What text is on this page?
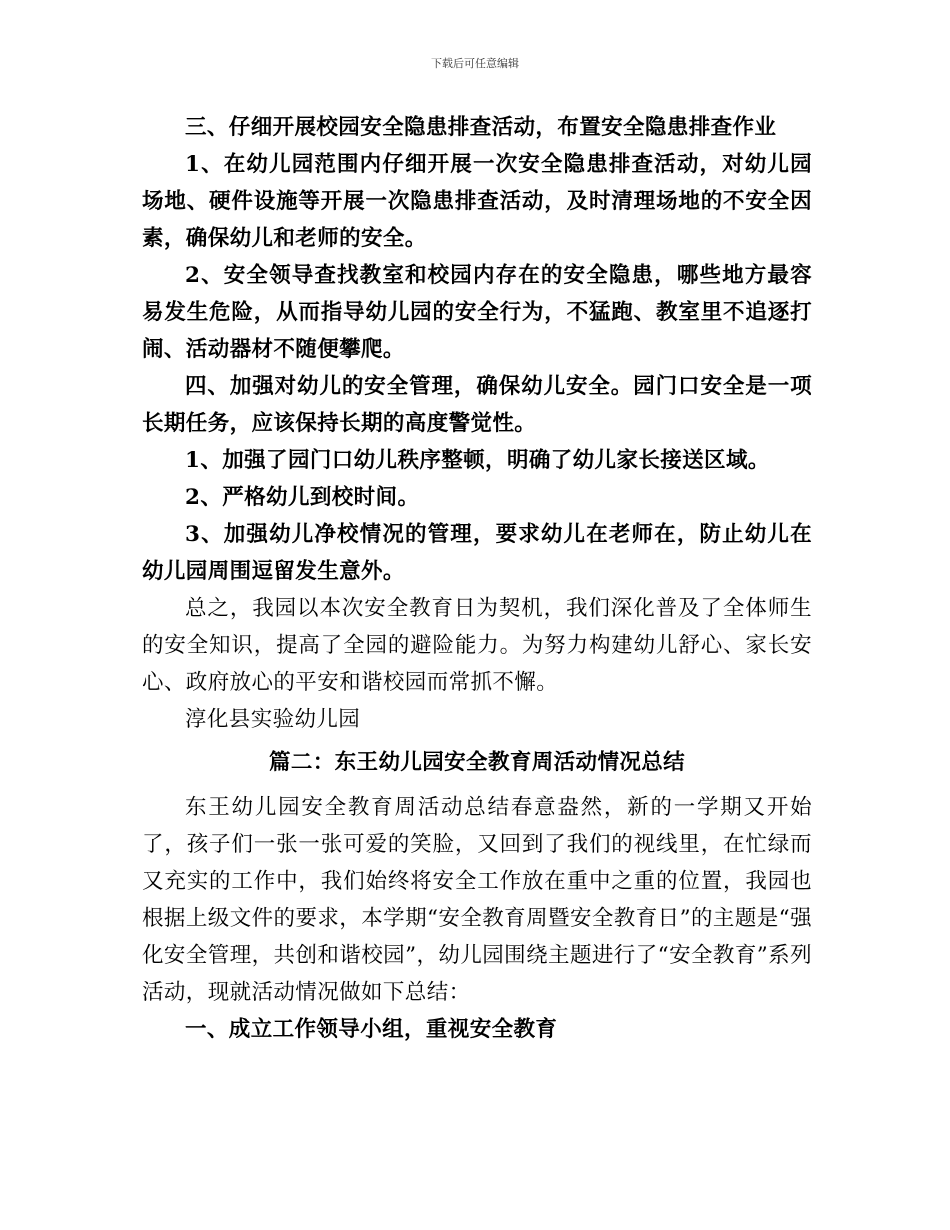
下载后可任意编辑

三、仔细开展校园安全隐患排查活动，布置安全隐患排查作业

1、在幼儿园范围内仔细开展一次安全隐患排查活动，对幼儿园场地、硬件设施等开展一次隐患排查活动，及时清理场地的不安全因素，确保幼儿和老师的安全。

2、安全领导查找教室和校园内存在的安全隐患，哪些地方最容易发生危险，从而指导幼儿园的安全行为，不猛跑、教室里不追逐打闹、活动器材不随便攀爬。

四、加强对幼儿的安全管理，确保幼儿安全。园门口安全是一项长期任务，应该保持长期的高度警觉性。

1、加强了园门口幼儿秩序整顿，明确了幼儿家长接送区域。

2、严格幼儿到校时间。

3、加强幼儿净校情况的管理，要求幼儿在老师在，防止幼儿在幼儿园周围逗留发生意外。

总之，我园以本次安全教育日为契机，我们深化普及了全体师生的安全知识，提高了全园的避险能力。为努力构建幼儿舒心、家长安心、政府放心的平安和谐校园而常抓不懈。

淳化县实验幼儿园

篇二：东王幼儿园安全教育周活动情况总结

东王幼儿园安全教育周活动总结春意盎然，新的一学期又开始了，孩子们一张一张可爱的笑脸，又回到了我们的视线里，在忙绿而又充实的工作中，我们始终将安全工作放在重中之重的位置，我园也根据上级文件的要求，本学期“安全教育周暨安全教育日”的主题是“强化安全管理，共创和谐校园”，幼儿园围绕主题进行了“安全教育”系列活动，现就活动情况做如下总结：

一、成立工作领导小组，重视安全教育
